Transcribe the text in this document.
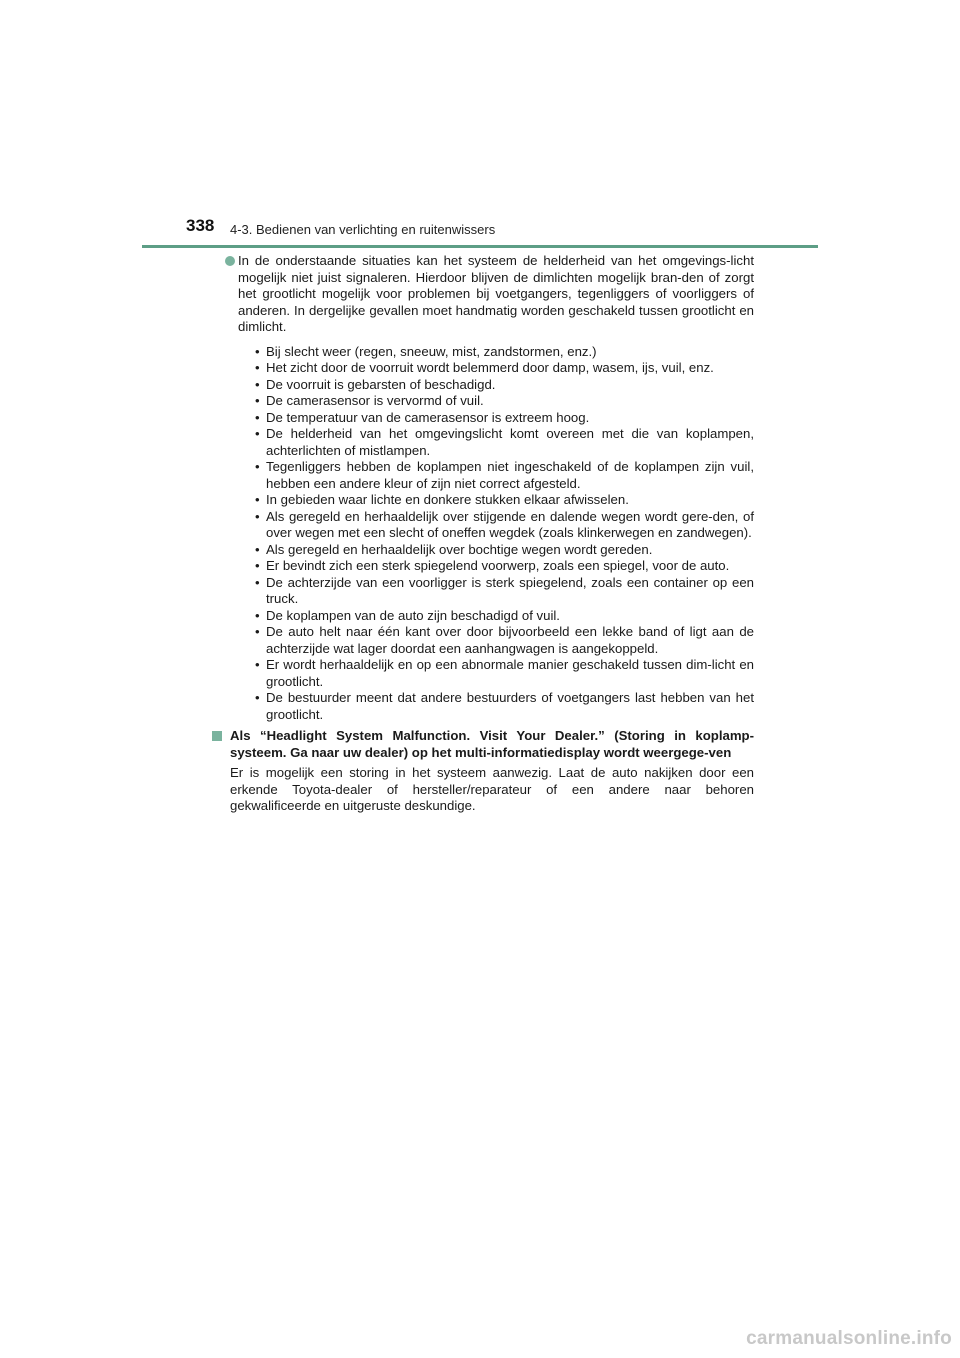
338 4-3. Bedienen van verlichting en ruitenwissers

In de onderstaande situaties kan het systeem de helderheid van het omgevings-licht mogelijk niet juist signaleren. Hierdoor blijven de dimlichten mogelijk bran-den of zorgt het grootlicht mogelijk voor problemen bij voetgangers, tegenliggers of voorliggers of anderen. In dergelijke gevallen moet handmatig worden geschakeld tussen grootlicht en dimlicht.

• Bij slecht weer (regen, sneeuw, mist, zandstormen, enz.)
• Het zicht door de voorruit wordt belemmerd door damp, wasem, ijs, vuil, enz.
• De voorruit is gebarsten of beschadigd.
• De camerasensor is vervormd of vuil.
• De temperatuur van de camerasensor is extreem hoog.
• De helderheid van het omgevingslicht komt overeen met die van koplampen, achterlichten of mistlampen.
• Tegenliggers hebben de koplampen niet ingeschakeld of de koplampen zijn vuil, hebben een andere kleur of zijn niet correct afgesteld.
• In gebieden waar lichte en donkere stukken elkaar afwisselen.
• Als geregeld en herhaaldelijk over stijgende en dalende wegen wordt gere-den, of over wegen met een slecht of oneffen wegdek (zoals klinkerwegen en zandwegen).
• Als geregeld en herhaaldelijk over bochtige wegen wordt gereden.
• Er bevindt zich een sterk spiegelend voorwerp, zoals een spiegel, voor de auto.
• De achterzijde van een voorligger is sterk spiegelend, zoals een container op een truck.
• De koplampen van de auto zijn beschadigd of vuil.
• De auto helt naar één kant over door bijvoorbeeld een lekke band of ligt aan de achterzijde wat lager doordat een aanhangwagen is aangekoppeld.
• Er wordt herhaaldelijk en op een abnormale manier geschakeld tussen dim-licht en grootlicht.
• De bestuurder meent dat andere bestuurders of voetgangers last hebben van het grootlicht.
Als “Headlight System Malfunction. Visit Your Dealer.” (Storing in koplamp-systeem. Ga naar uw dealer) op het multi-informatiedisplay wordt weergege-ven

Er is mogelijk een storing in het systeem aanwezig. Laat de auto nakijken door een erkende Toyota-dealer of hersteller/reparateur of een andere naar behoren gekwalificeerde en uitgeruste deskundige.

carmanualsonline.info
